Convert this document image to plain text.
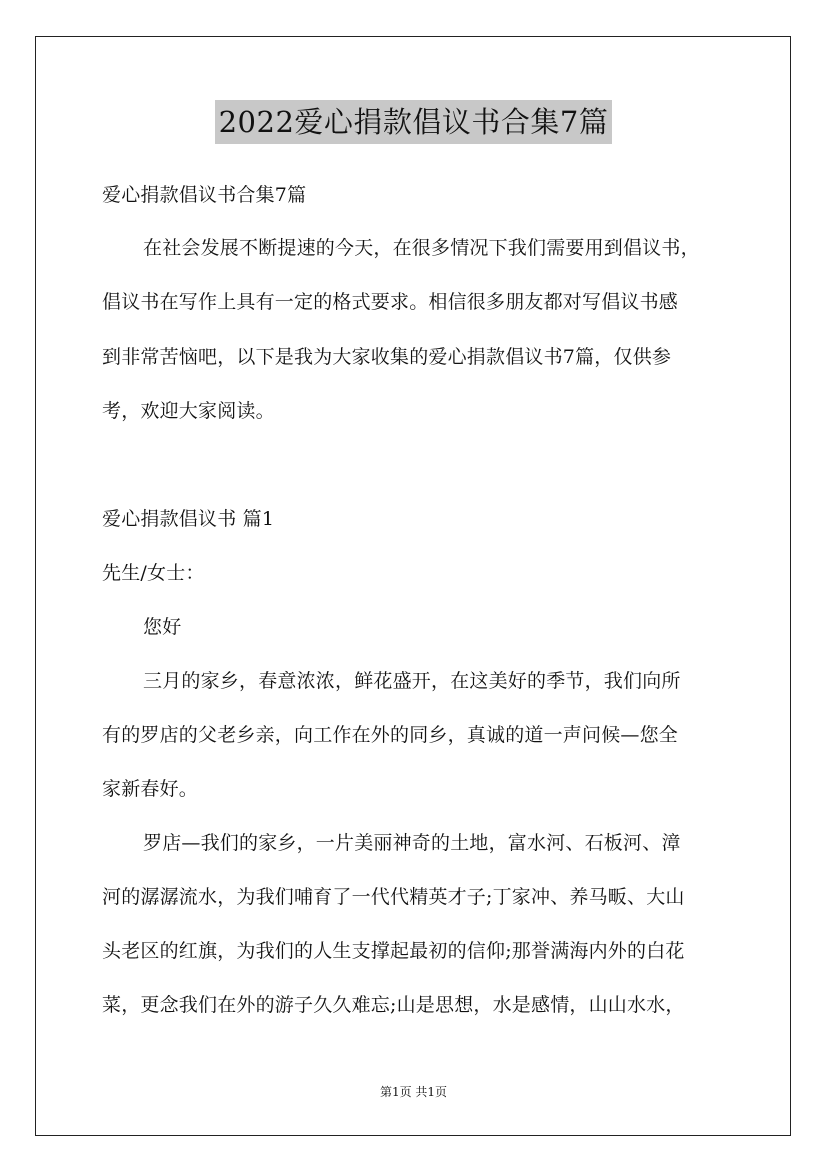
2022爱心捐款倡议书合集7篇
爱心捐款倡议书合集7篇
在社会发展不断提速的今天，在很多情况下我们需要用到倡议书，
倡议书在写作上具有一定的格式要求。相信很多朋友都对写倡议书感
到非常苦恼吧，以下是我为大家收集的爱心捐款倡议书7篇，仅供参
考，欢迎大家阅读。
爱心捐款倡议书 篇1
先生/女士：
您好
三月的家乡，春意浓浓，鲜花盛开，在这美好的季节，我们向所
有的罗店的父老乡亲，向工作在外的同乡，真诚的道一声问候—您全
家新春好。
罗店—我们的家乡，一片美丽神奇的土地，富水河、石板河、漳
河的潺潺流水，为我们哺育了一代代精英才子;丁家冲、养马畈、大山
头老区的红旗，为我们的人生支撑起最初的信仰;那誉满海内外的白花
菜，更念我们在外的游子久久难忘;山是思想，水是感情，山山水水，
第1页 共1页
